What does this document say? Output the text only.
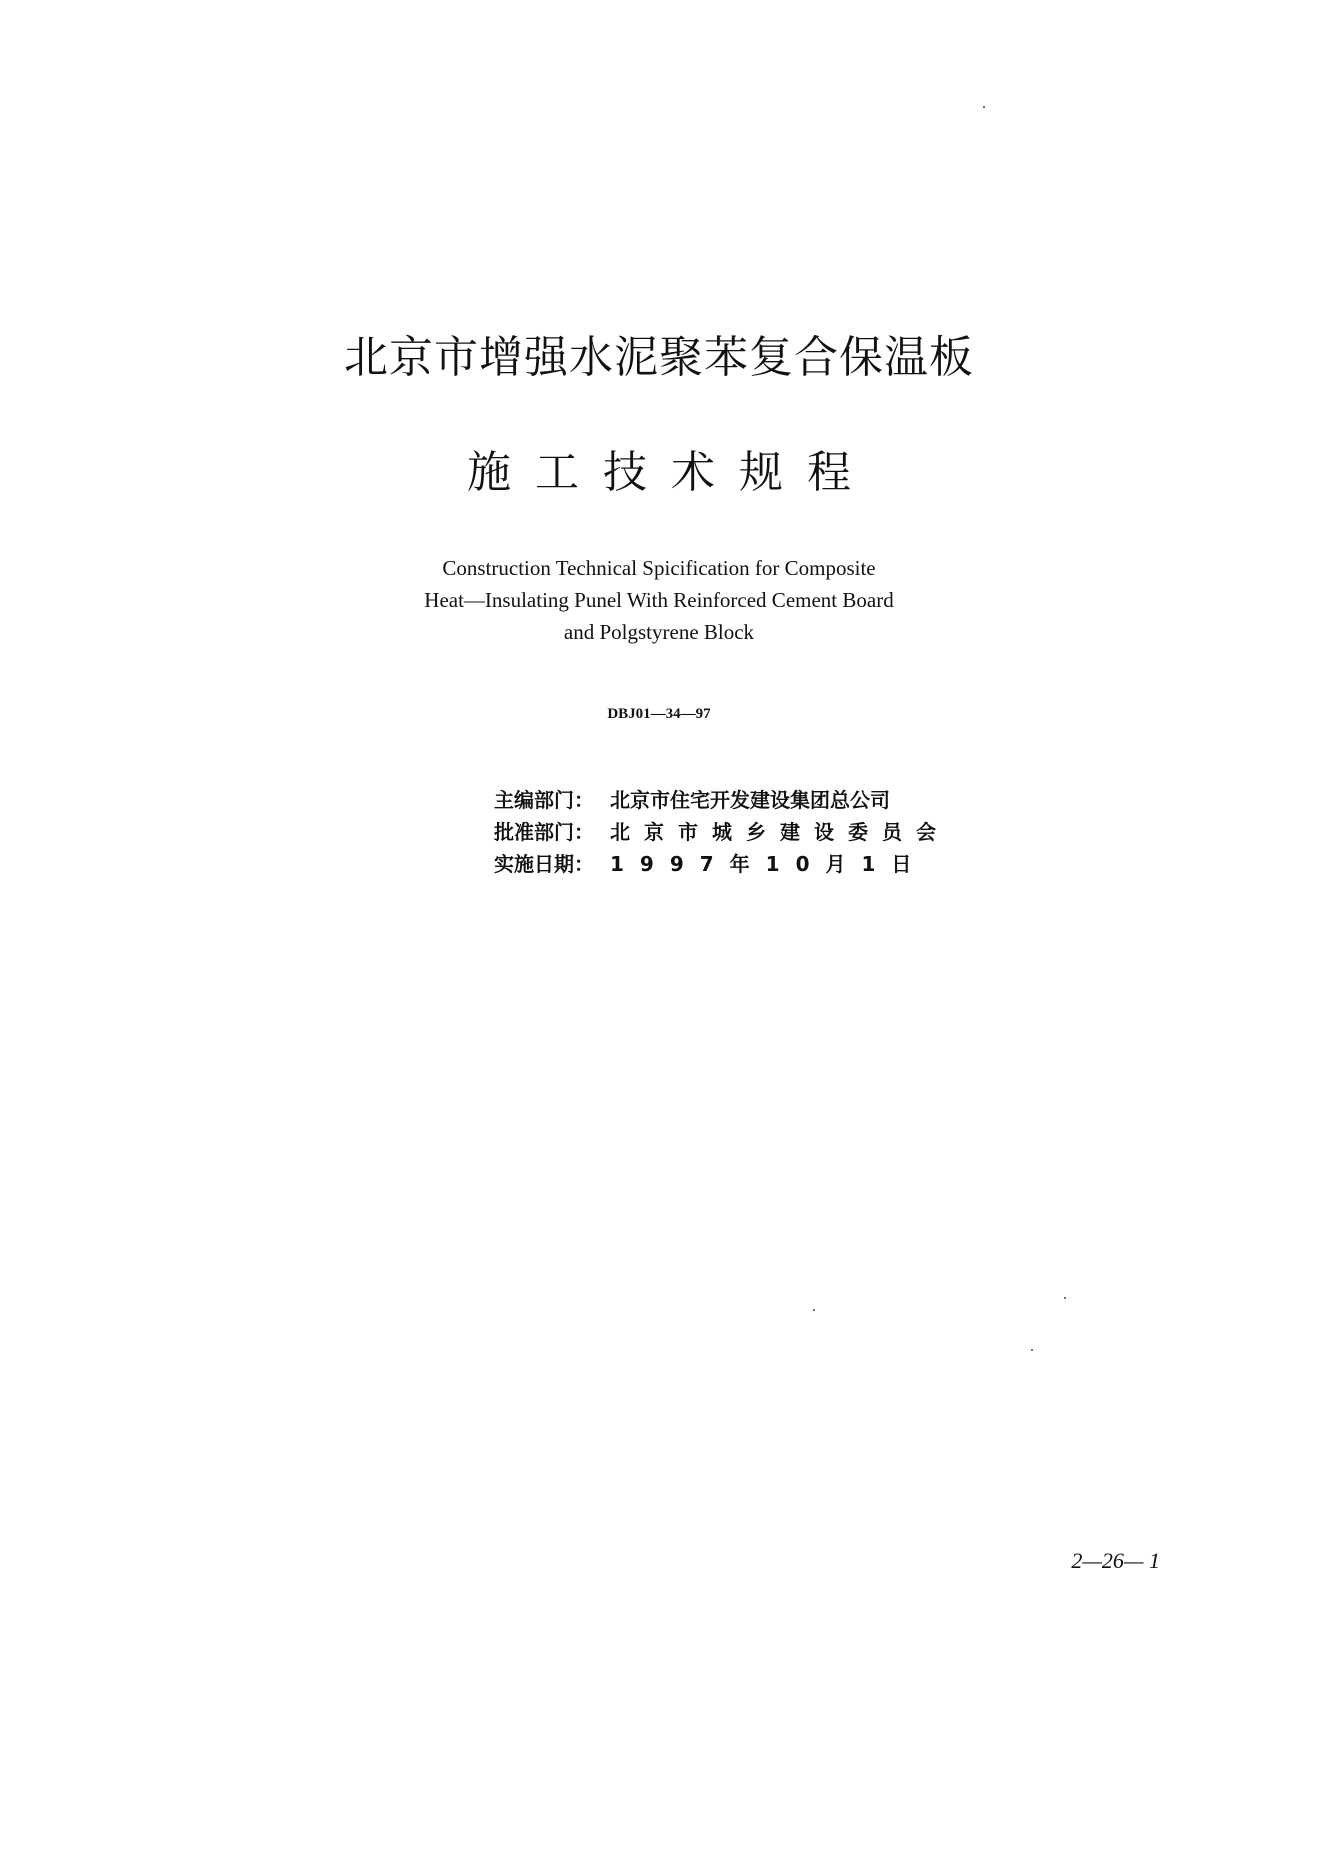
北京市增强水泥聚苯复合保温板
施工技术规程
Construction Technical Spicification for Composite
Heat—Insulating Punel With Reinforced Cement Board
and Polgstyrene Block
DBJ01—34—97
主编部门： 北京市住宅开发建设集团总公司
批准部门： 北京市城乡建设委员会
实施日期： 1997年10月1日
2—26— 1
